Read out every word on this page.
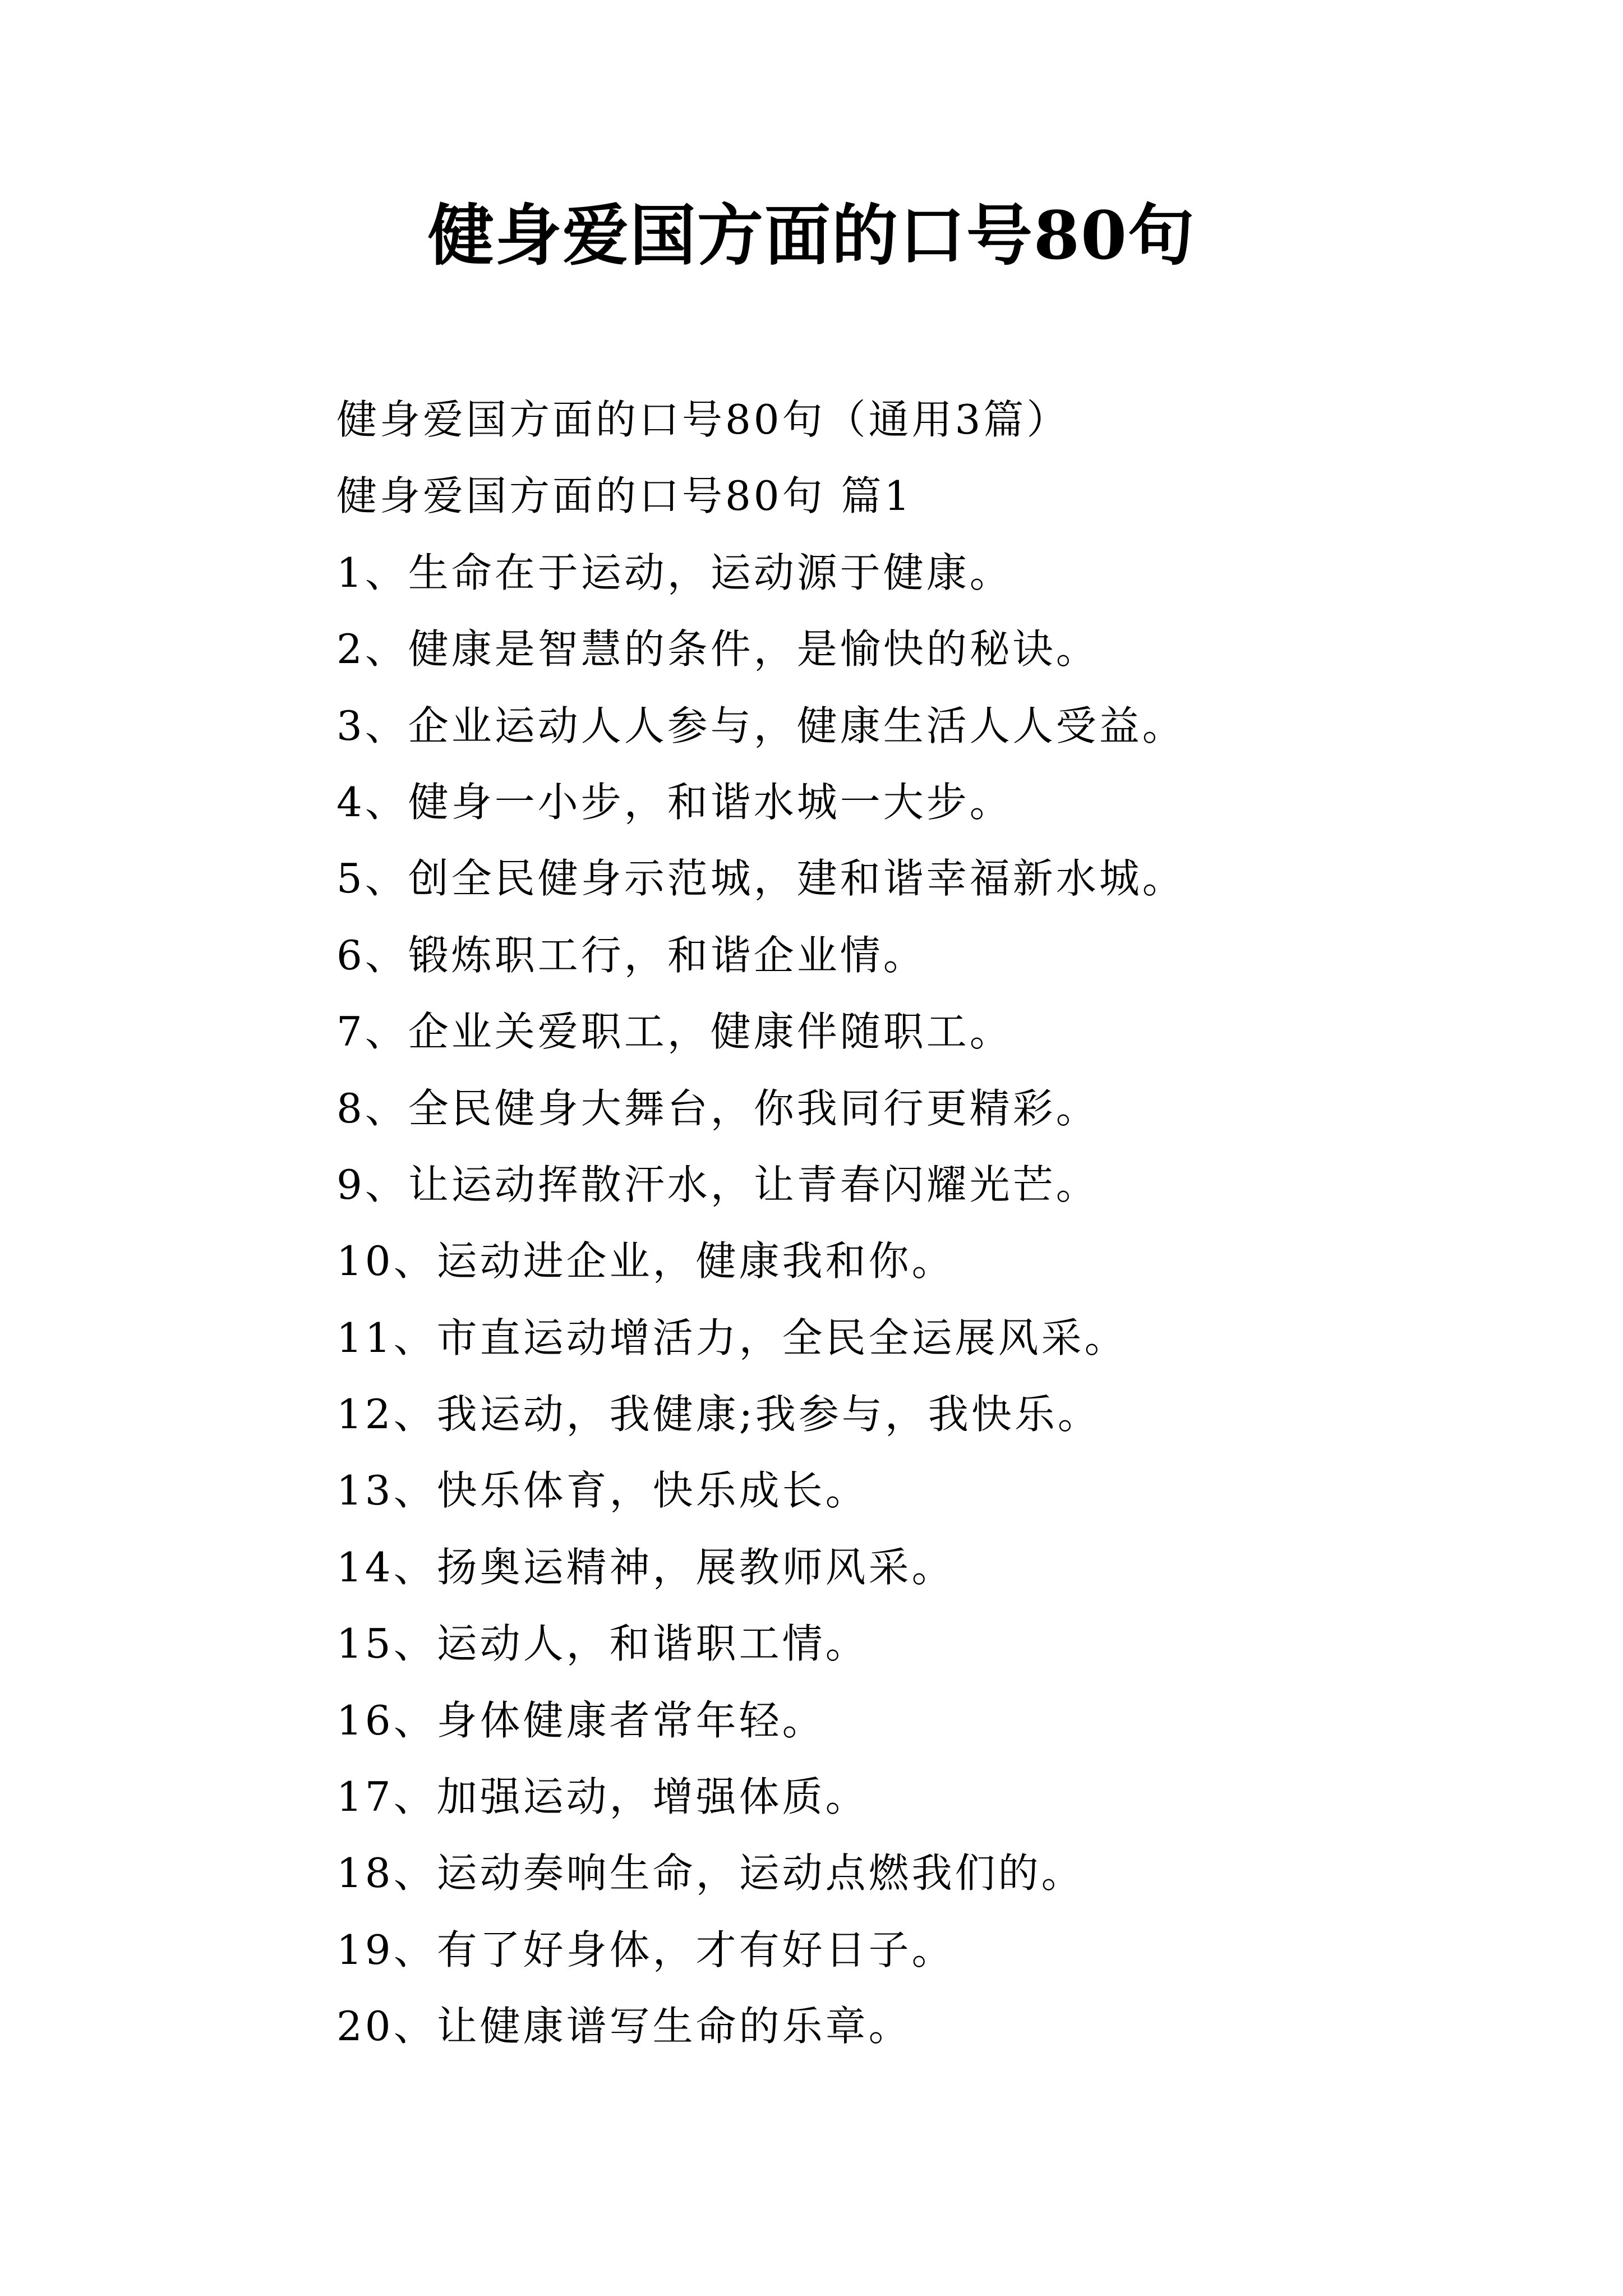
健身爱国方面的口号80句
健身爱国方面的口号80句（通用3篇）
健身爱国方面的口号80句 篇1
1、生命在于运动，运动源于健康。
2、健康是智慧的条件，是愉快的秘诀。
3、企业运动人人参与，健康生活人人受益。
4、健身一小步，和谐水城一大步。
5、创全民健身示范城，建和谐幸福新水城。
6、锻炼职工行，和谐企业情。
7、企业关爱职工，健康伴随职工。
8、全民健身大舞台，你我同行更精彩。
9、让运动挥散汗水，让青春闪耀光芒。
10、运动进企业，健康我和你。
11、市直运动增活力，全民全运展风采。
12、我运动，我健康;我参与，我快乐。
13、快乐体育，快乐成长。
14、扬奥运精神，展教师风采。
15、运动人，和谐职工情。
16、身体健康者常年轻。
17、加强运动，增强体质。
18、运动奏响生命，运动点燃我们的。
19、有了好身体，才有好日子。
20、让健康谱写生命的乐章。
